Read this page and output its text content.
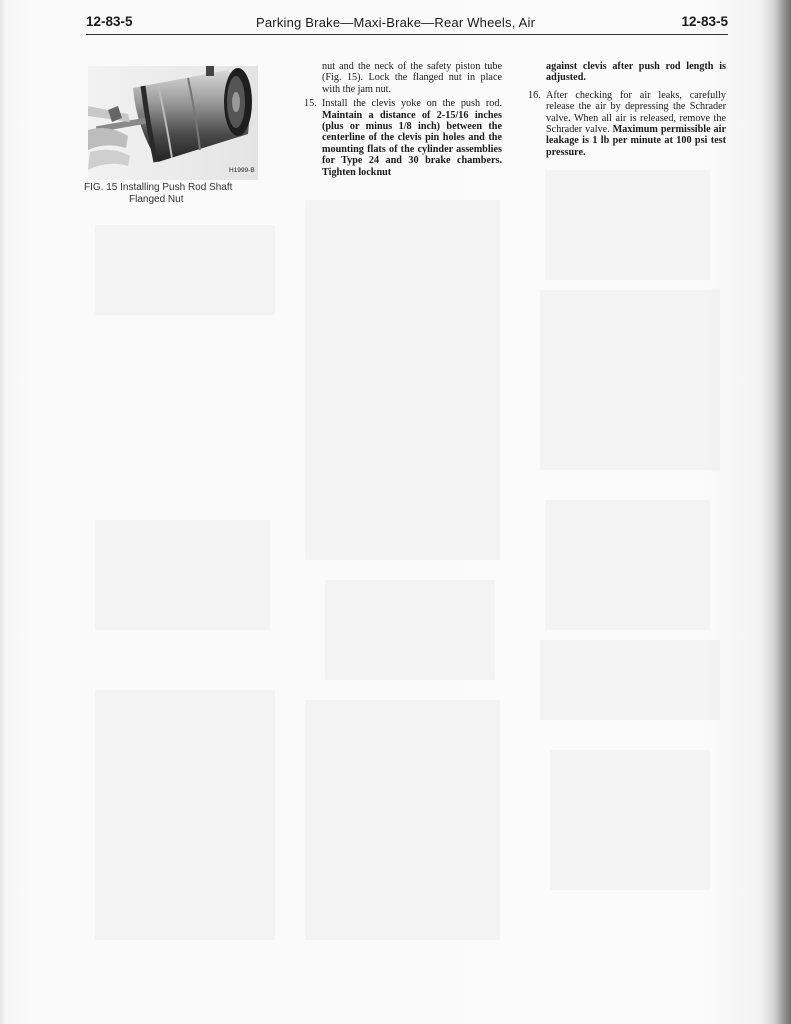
12-83-5	Parking Brake—Maxi-Brake—Rear Wheels, Air	12-83-5
H1999-B
FIG. 15 Installing Push Rod Shaft
Flanged Nut

nut and the neck of the safety piston tube (Fig. 15). Lock the flanged nut in place with the jam nut.

15. Install the clevis yoke on the push rod. Maintain a distance of 2-15/16 inches (plus or minus 1/8 inch) between the centerline of the clevis pin holes and the mounting flats of the cylinder assemblies for Type 24 and 30 brake chambers. Tighten locknut

against clevis after push rod length is adjusted.

16. After checking for air leaks, carefully release the air by depressing the Schrader valve. When all air is released, remove the Schrader valve. Maximum permissible air leakage is 1 lb per minute at 100 psi test pressure.
